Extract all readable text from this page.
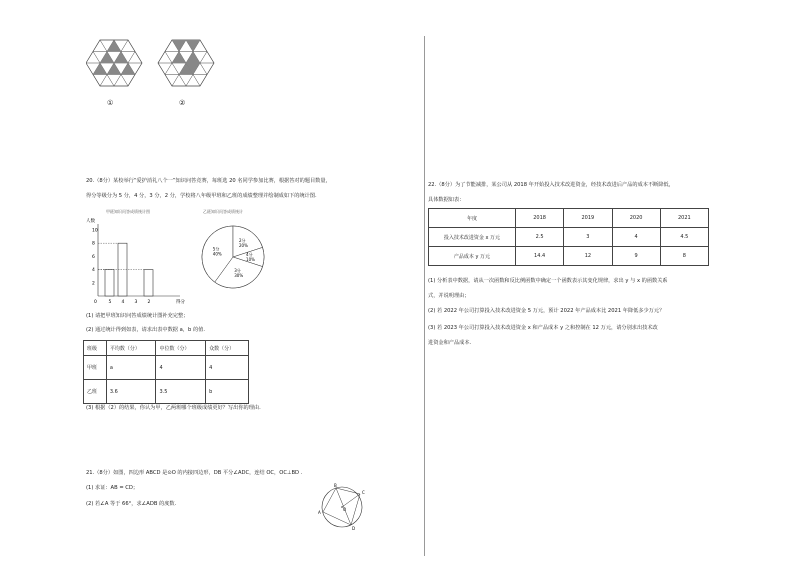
①	②
20.（8分）某校举行“爱护消礼八个一”知识问答竞赛，每班选 20 名同学参加比赛，根据答对的题目数量，
得分等级分为 5 分，4 分，3 分，2 分，学校将八年级甲班和乙班的成绩整理并绘制成如下的统计图.
甲班知识问答成绩统计图	乙班知识问答成绩统计
人数
得分
0
2
4
6
8
10
5 4 3 2
5分
40%
2分
20%
4分
10%
3分
30%
(1) 请把甲班知识问答成绩统计图补充完整；
(2) 通过统计得到如表，请求出表中数据 a，b 的值.
班级	平均数（分）	中位数（分）	众数（分）
甲班	a	4	4
乙班	3.6	3.5	b
(3) 根据（2）的结果，你认为甲，乙两班哪个班级成绩更好？写出你的理由.
21.（8分）如图，四边形 ABCD 是⊙O 的内接四边形，DB 平分∠ADC，连结 OC，OC⊥BD .
(1) 求证：AB = CD；
(2) 若∠A 等于 66°，求∠ADB 的度数.
A
B
C
D
O
22.（8分）为了节能减排，某公司从 2018 年开始投入技术改进资金，经技术改进后产品的成本不断降低，
具体数据如表：
年度	2018	2019	2020	2021
投入技术改进资金 x 万元	2.5	3	4	4.5
产品成本 y 万元	14.4	12	9	8
(1) 分析表中数据，请从一次函数和反比例函数中确定一个函数表示其变化规律，求出 y 与 x 的函数关系
式，并说明理由；
(2) 若 2022 年公司打算投入技术改进资金 5 万元，预计 2022 年产品成本比 2021 年降低多少万元？
(3) 若 2023 年公司打算投入技术改进资金 x 和产品成本 y 之和控制在 12 万元，请分别求出技术改
进资金和产品成本.
